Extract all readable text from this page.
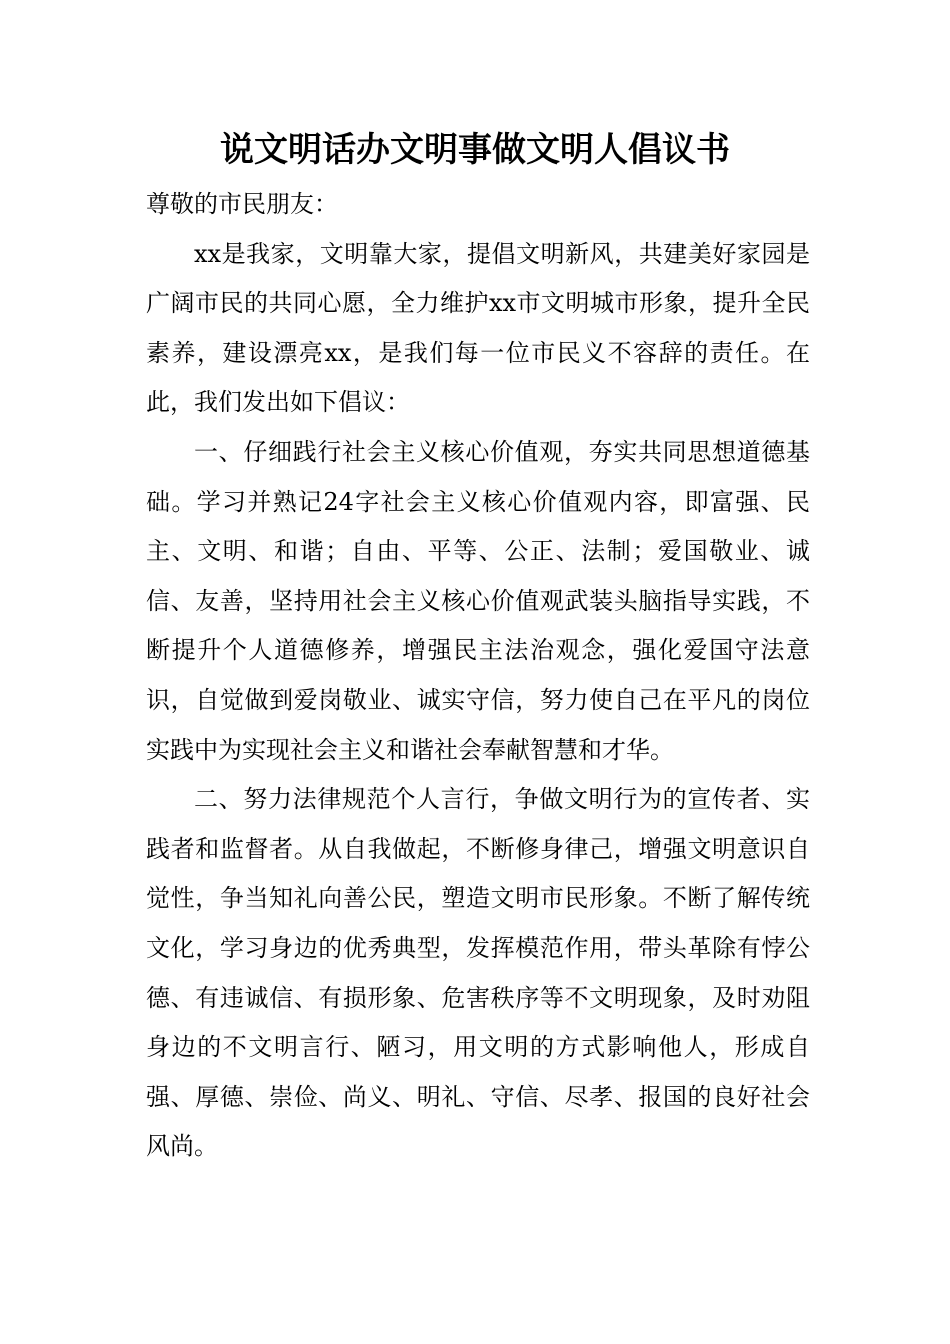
说文明话办文明事做文明人倡议书

尊敬的市民朋友：

xx是我家，文明靠大家，提倡文明新风，共建美好家园是广阔市民的共同心愿，全力维护xx市文明城市形象，提升全民素养，建设漂亮xx，是我们每一位市民义不容辞的责任。在此，我们发出如下倡议：

一、仔细践行社会主义核心价值观，夯实共同思想道德基础。学习并熟记24字社会主义核心价值观内容，即富强、民主、文明、和谐；自由、平等、公正、法制；爱国敬业、诚信、友善，坚持用社会主义核心价值观武装头脑指导实践，不断提升个人道德修养，增强民主法治观念，强化爱国守法意识，自觉做到爱岗敬业、诚实守信，努力使自己在平凡的岗位实践中为实现社会主义和谐社会奉献智慧和才华。

二、努力法律规范个人言行，争做文明行为的宣传者、实践者和监督者。从自我做起，不断修身律己，增强文明意识自觉性，争当知礼向善公民，塑造文明市民形象。不断了解传统文化，学习身边的优秀典型，发挥模范作用，带头革除有悖公德、有违诚信、有损形象、危害秩序等不文明现象，及时劝阻身边的不文明言行、陋习，用文明的方式影响他人，形成自强、厚德、崇俭、尚义、明礼、守信、尽孝、报国的良好社会风尚。
